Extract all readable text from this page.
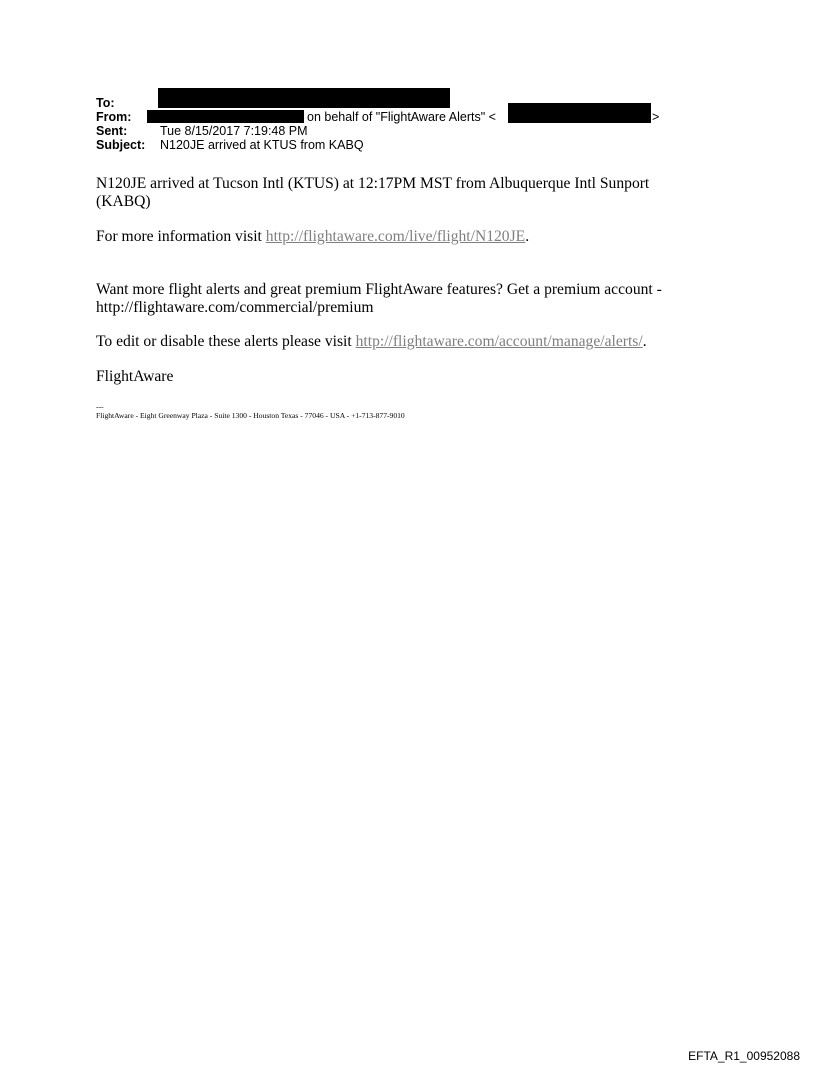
To:
From:	on behalf of "FlightAware Alerts" <	>
Sent:	Tue 8/15/2017 7:19:48 PM
Subject: N120JE arrived at KTUS from KABQ
N120JE arrived at Tucson Intl (KTUS) at 12:17PM MST from Albuquerque Intl Sunport (KABQ)
For more information visit http://flightaware.com/live/flight/N120JE.
Want more flight alerts and great premium FlightAware features? Get a premium account - http://flightaware.com/commercial/premium
To edit or disable these alerts please visit http://flightaware.com/account/manage/alerts/.
FlightAware
---
FlightAware - Eight Greenway Plaza - Suite 1300 - Houston Texas - 77046 - USA - +1-713-877-9010
EFTA_R1_00952088
